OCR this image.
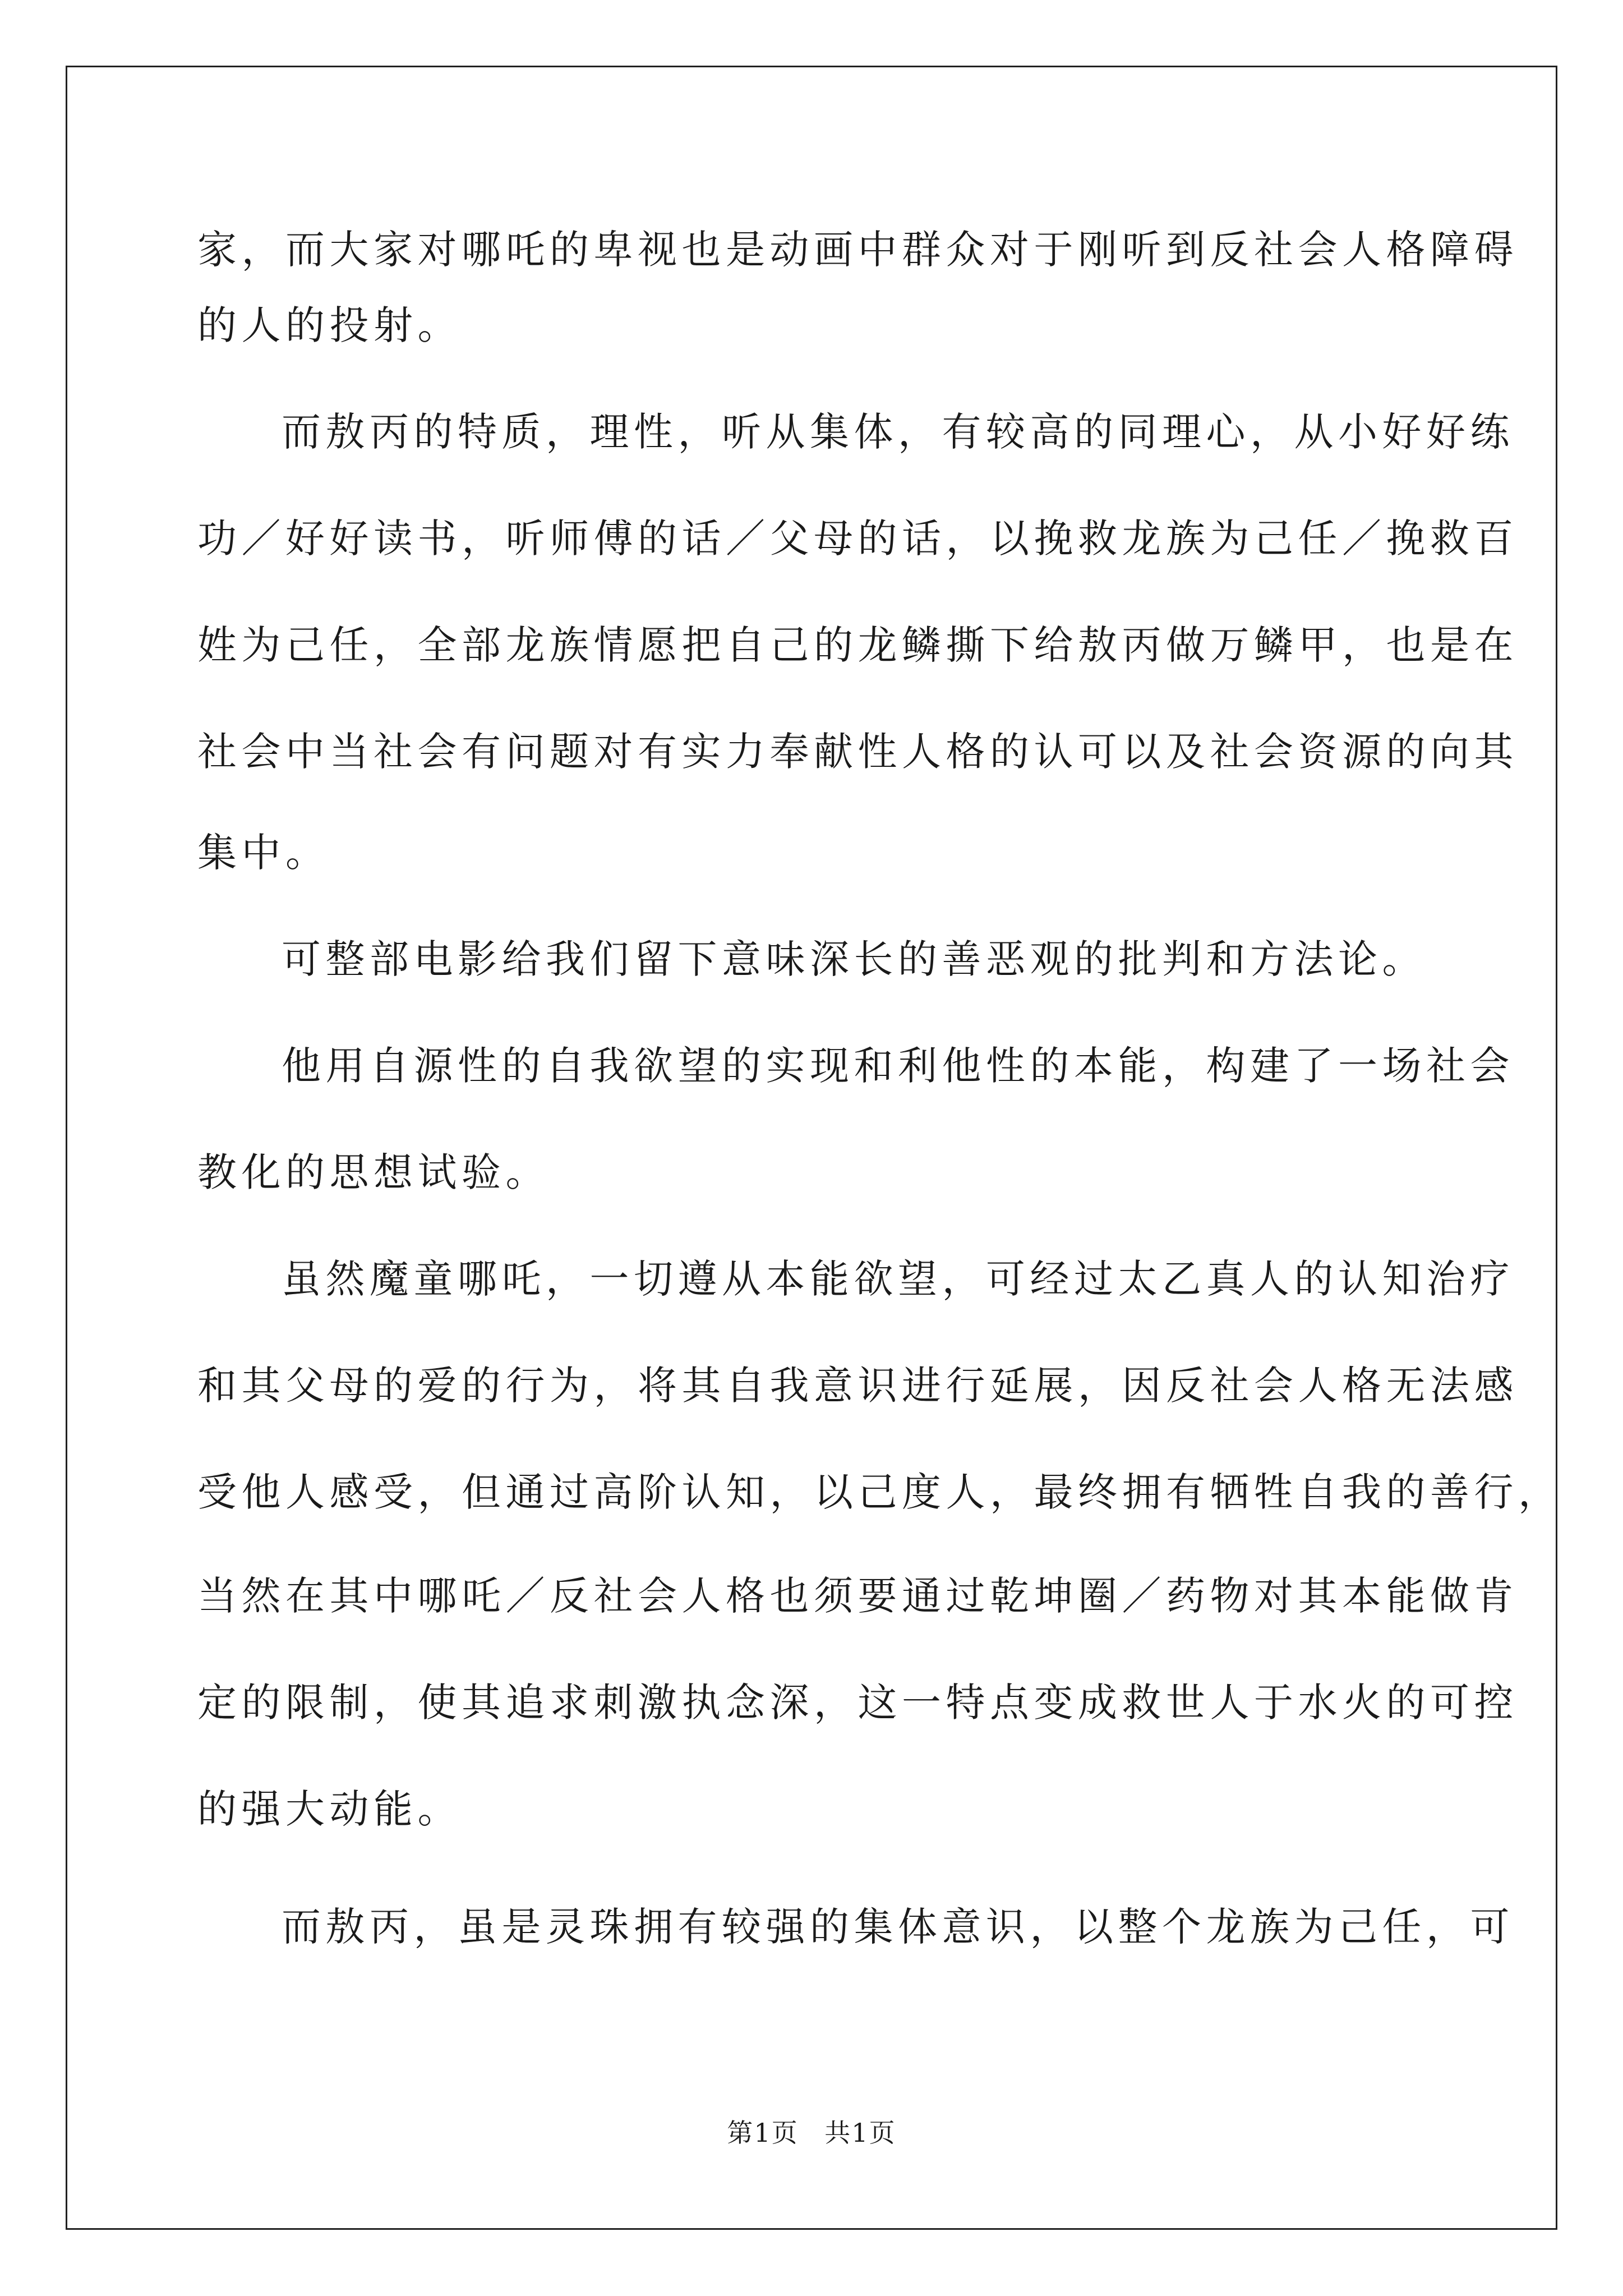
家，而大家对哪吒的卑视也是动画中群众对于刚听到反社会人格障碍
的人的投射。
而敖丙的特质，理性，听从集体，有较高的同理心，从小好好练
功／好好读书，听师傅的话／父母的话，以挽救龙族为己任／挽救百
姓为己任，全部龙族情愿把自己的龙鳞撕下给敖丙做万鳞甲，也是在
社会中当社会有问题对有实力奉献性人格的认可以及社会资源的向其
集中。
可整部电影给我们留下意味深长的善恶观的批判和方法论。
他用自源性的自我欲望的实现和利他性的本能，构建了一场社会
教化的思想试验。
虽然魔童哪吒，一切遵从本能欲望，可经过太乙真人的认知治疗
和其父母的爱的行为，将其自我意识进行延展，因反社会人格无法感
受他人感受，但通过高阶认知，以己度人，最终拥有牺牲自我的善行，
当然在其中哪吒／反社会人格也须要通过乾坤圈／药物对其本能做肯
定的限制，使其追求刺激执念深，这一特点变成救世人于水火的可控
的强大动能。
而敖丙，虽是灵珠拥有较强的集体意识，以整个龙族为己任，可
第1页 共1页
